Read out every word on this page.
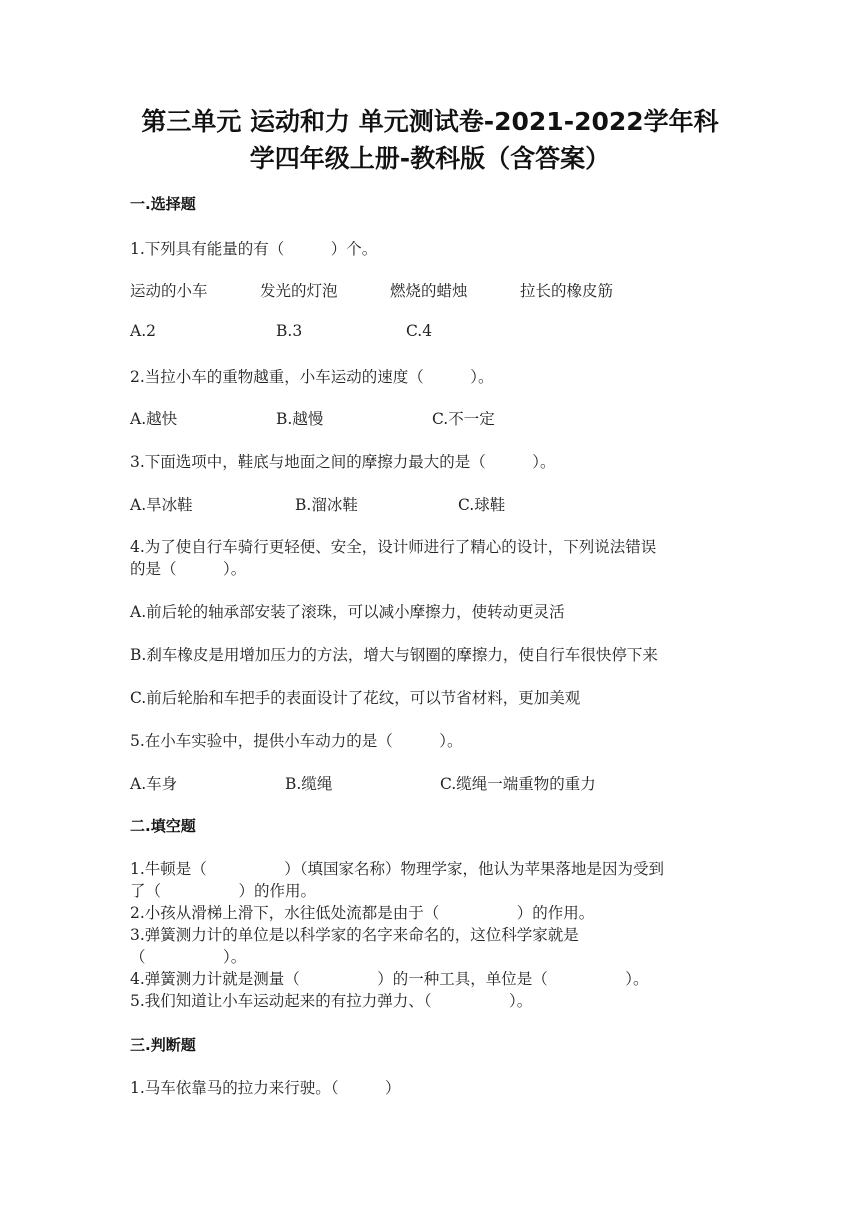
第三单元 运动和力 单元测试卷-2021-2022学年科
学四年级上册-教科版（含答案）
一.选择题
1.下列具有能量的有（　　　）个。
运动的小车	发光的灯泡	燃烧的蜡烛	拉长的橡皮筋
A.2	B.3	C.4
2.当拉小车的重物越重，小车运动的速度（　　　）。
A.越快	B.越慢	C.不一定
3.下面选项中，鞋底与地面之间的摩擦力最大的是（　　　）。
A.旱冰鞋	B.溜冰鞋	C.球鞋
4.为了使自行车骑行更轻便、安全，设计师进行了精心的设计，下列说法错误
的是（　　　）。
A.前后轮的轴承部安装了滚珠，可以减小摩擦力，使转动更灵活
B.刹车橡皮是用增加压力的方法，增大与钢圈的摩擦力，使自行车很快停下来
C.前后轮胎和车把手的表面设计了花纹，可以节省材料，更加美观
5.在小车实验中，提供小车动力的是（　　　）。
A.车身	B.缆绳	C.缆绳一端重物的重力
二.填空题
1.牛顿是（　　　　　）（填国家名称）物理学家，他认为苹果落地是因为受到
了（　　　　　）的作用。
2.小孩从滑梯上滑下，水往低处流都是由于（　　　　　）的作用。
3.弹簧测力计的单位是以科学家的名字来命名的，这位科学家就是
（　　　　　）。
4.弹簧测力计就是测量（　　　　　）的一种工具，单位是（　　　　　）。
5.我们知道让小车运动起来的有拉力弹力、（　　　　　）。
三.判断题
1.马车依靠马的拉力来行驶。（　　　）
